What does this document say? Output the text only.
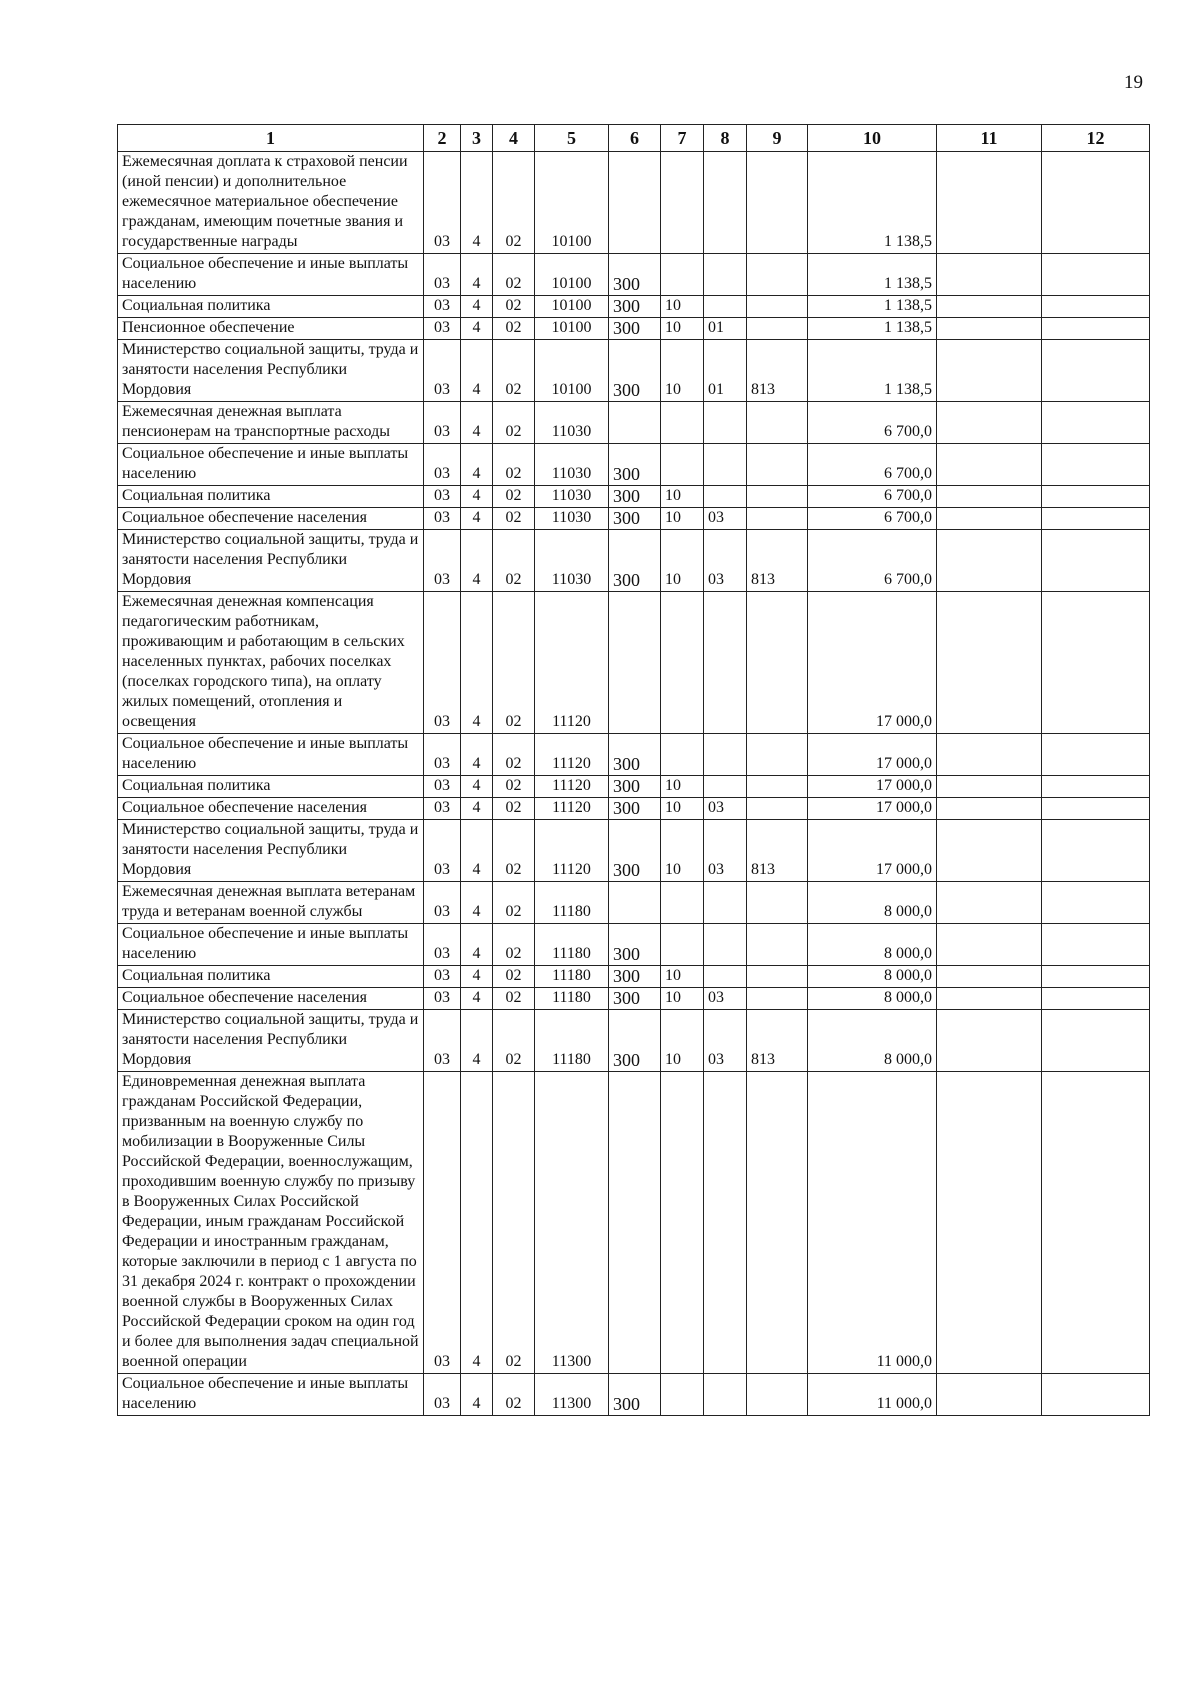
19
1	2	3	4	5	6	7	8	9	10	11	12
Ежемесячная доплата к страховой пенсии (иной пенсии) и дополнительное ежемесячное материальное обеспечение гражданам, имеющим почетные звания и государственные награды	03	4	02	10100					1 138,5		
Социальное обеспечение и иные выплаты населению	03	4	02	10100	300				1 138,5		
Социальная политика	03	4	02	10100	300	10			1 138,5		
Пенсионное обеспечение	03	4	02	10100	300	10	01		1 138,5		
Министерство социальной защиты, труда и занятости населения Республики Мордовия	03	4	02	10100	300	10	01	813	1 138,5		
Ежемесячная денежная выплата пенсионерам на транспортные расходы	03	4	02	11030					6 700,0		
Социальное обеспечение и иные выплаты населению	03	4	02	11030	300				6 700,0		
Социальная политика	03	4	02	11030	300	10			6 700,0		
Социальное обеспечение населения	03	4	02	11030	300	10	03		6 700,0		
Министерство социальной защиты, труда и занятости населения Республики Мордовия	03	4	02	11030	300	10	03	813	6 700,0		
Ежемесячная денежная компенсация педагогическим работникам, проживающим и работающим в сельских населенных пунктах, рабочих поселках (поселках городского типа), на оплату жилых помещений, отопления и освещения	03	4	02	11120					17 000,0		
Социальное обеспечение и иные выплаты населению	03	4	02	11120	300				17 000,0		
Социальная политика	03	4	02	11120	300	10			17 000,0		
Социальное обеспечение населения	03	4	02	11120	300	10	03		17 000,0		
Министерство социальной защиты, труда и занятости населения Республики Мордовия	03	4	02	11120	300	10	03	813	17 000,0		
Ежемесячная денежная выплата ветеранам труда и ветеранам военной службы	03	4	02	11180					8 000,0		
Социальное обеспечение и иные выплаты населению	03	4	02	11180	300				8 000,0		
Социальная политика	03	4	02	11180	300	10			8 000,0		
Социальное обеспечение населения	03	4	02	11180	300	10	03		8 000,0		
Министерство социальной защиты, труда и занятости населения Республики Мордовия	03	4	02	11180	300	10	03	813	8 000,0		
Единовременная денежная выплата гражданам Российской Федерации, призванным на военную службу по мобилизации в Вооруженные Силы Российской Федерации, военнослужащим, проходившим военную службу по призыву в Вооруженных Силах Российской Федерации, иным гражданам Российской Федерации и иностранным гражданам, которые заключили в период с 1 августа по 31 декабря 2024 г. контракт о прохождении военной службы в Вооруженных Силах Российской Федерации сроком на один год и более для выполнения задач специальной военной операции	03	4	02	11300					11 000,0		
Социальное обеспечение и иные выплаты населению	03	4	02	11300	300				11 000,0		
